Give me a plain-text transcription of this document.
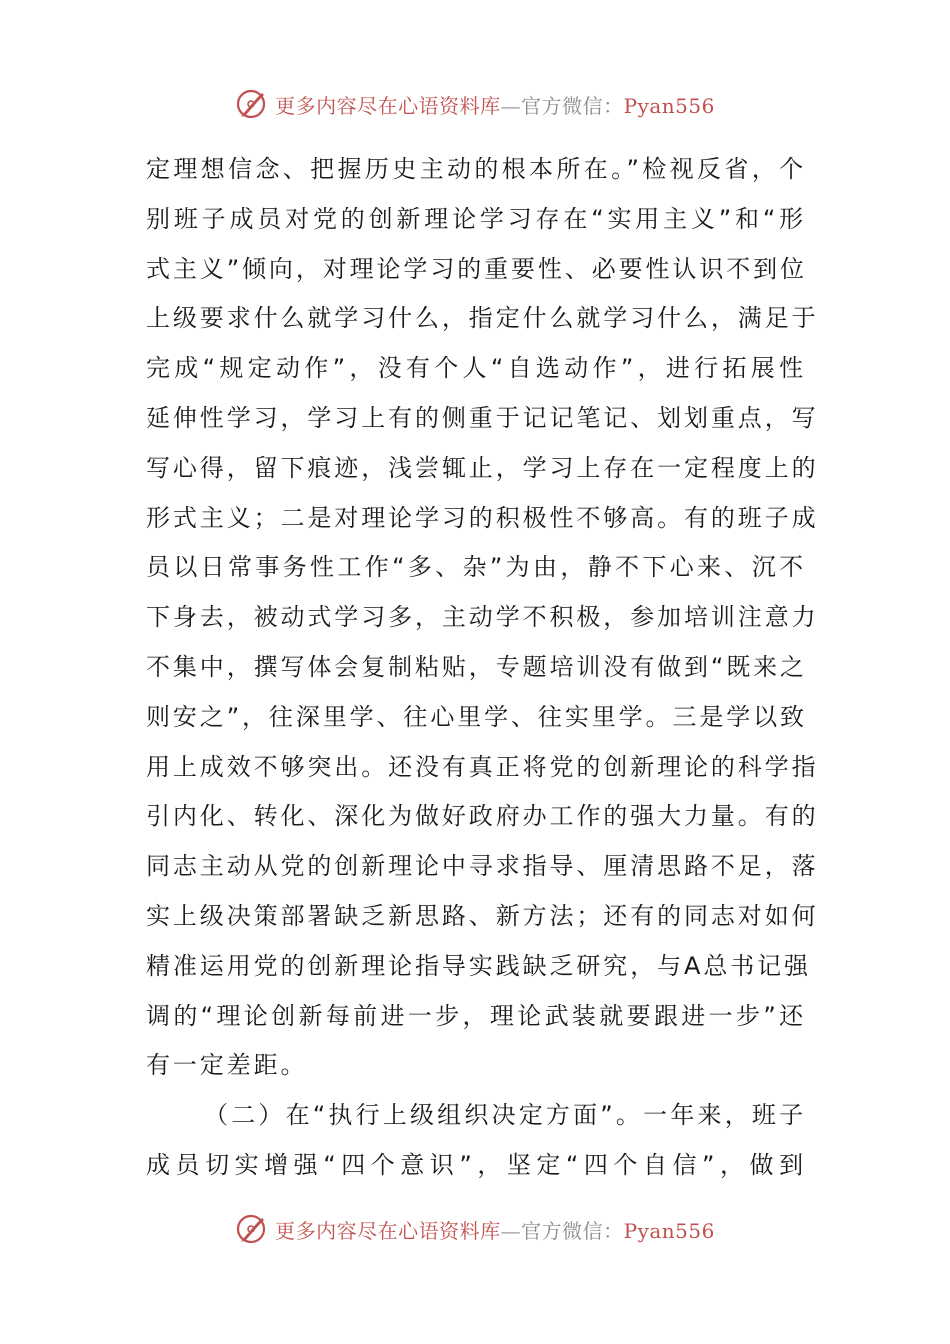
更多内容尽在心语资料库—官方微信：Pyan556
定理想信念、把握历史主动的根本所在。”检视反省，个
别班子成员对党的创新理论学习存在“实用主义”和“形
式主义”倾向，对理论学习的重要性、必要性认识不到位
上级要求什么就学习什么，指定什么就学习什么，满足于
完成“规定动作”，没有个人“自选动作”，进行拓展性
延伸性学习，学习上有的侧重于记记笔记、划划重点，写
写心得，留下痕迹，浅尝辄止，学习上存在一定程度上的
形式主义；二是对理论学习的积极性不够高。有的班子成
员以日常事务性工作“多、杂”为由，静不下心来、沉不
下身去，被动式学习多，主动学不积极，参加培训注意力
不集中，撰写体会复制粘贴，专题培训没有做到“既来之
则安之”，往深里学、往心里学、往实里学。三是学以致
用上成效不够突出。还没有真正将党的创新理论的科学指
引内化、转化、深化为做好政府办工作的强大力量。有的
同志主动从党的创新理论中寻求指导、厘清思路不足，落
实上级决策部署缺乏新思路、新方法；还有的同志对如何
精准运用党的创新理论指导实践缺乏研究，与A总书记强
调的“理论创新每前进一步，理论武装就要跟进一步”还
有一定差距。
（二）在“执行上级组织决定方面”。一年来，班子
成员切实增强“四个意识”，坚定“四个自信”，做到
更多内容尽在心语资料库—官方微信：Pyan556
